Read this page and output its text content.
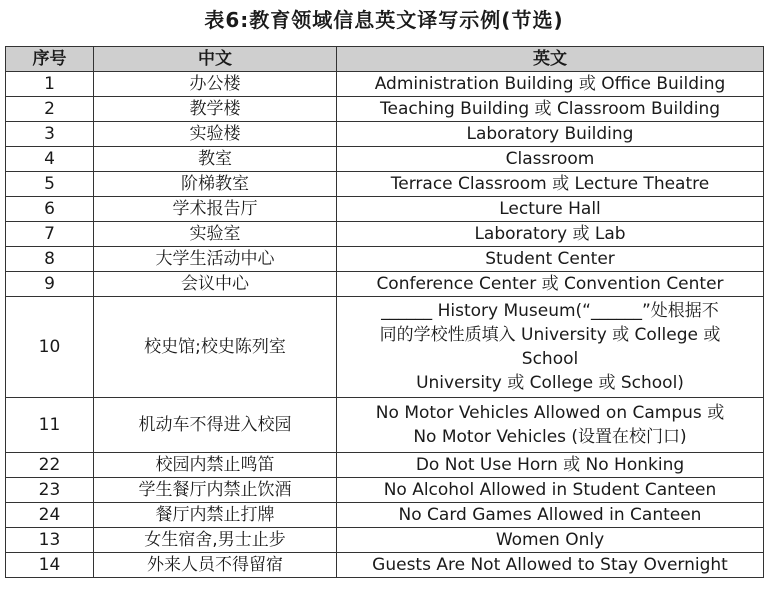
表6:教育领域信息英文译写示例(节选)
序号	中文	英文
1	办公楼	Administration Building 或 Office Building

2	教学楼	Teaching Building 或 Classroom Building

3	实验楼	Laboratory Building

4	教室	Classroom

5	阶梯教室	Terrace Classroom 或 Lecture Theatre

6	学术报告厅	Lecture Hall

7	实验室	Laboratory 或 Lab

8	大学生活动中心	Student Center

9	会议中心	Conference Center 或 Convention Center

10	校史馆;校史陈列室	______ History Museum(“______”处根据不
同的学校性质填入 University 或 College 或
School
University 或 College 或 School)

11	机动车不得进入校园	No Motor Vehicles Allowed on Campus 或
No Motor Vehicles (设置在校门口)

22	校园内禁止鸣笛	Do Not Use Horn 或 No Honking

23	学生餐厅内禁止饮酒	No Alcohol Allowed in Student Canteen

24	餐厅内禁止打牌	No Card Games Allowed in Canteen

13	女生宿舍,男士止步	Women Only

14	外来人员不得留宿	Guests Are Not Allowed to Stay Overnight
